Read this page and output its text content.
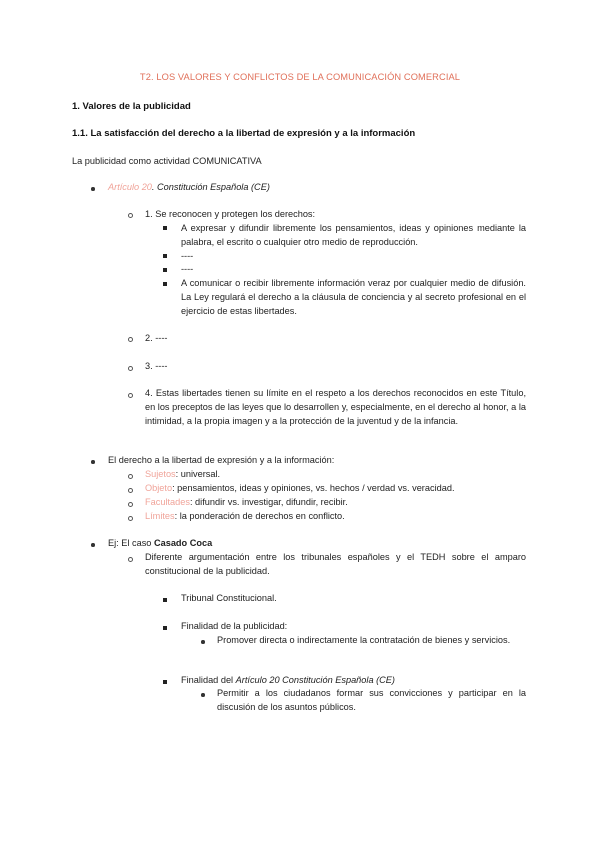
T2. LOS VALORES Y CONFLICTOS DE LA COMUNICACIÓN COMERCIAL
1. Valores de la publicidad
1.1. La satisfacción del derecho a la libertad de expresión y a la información
La publicidad como actividad COMUNICATIVA
Artículo 20. Constitución Española (CE)
1. Se reconocen y protegen los derechos:
A expresar y difundir libremente los pensamientos, ideas y opiniones mediante la palabra, el escrito o cualquier otro medio de reproducción.
----
----
A comunicar o recibir libremente información veraz por cualquier medio de difusión. La Ley regulará el derecho a la cláusula de conciencia y al secreto profesional en el ejercicio de estas libertades.
2. ----
3. ----
4. Estas libertades tienen su límite en el respeto a los derechos reconocidos en este Título, en los preceptos de las leyes que lo desarrollen y, especialmente, en el derecho al honor, a la intimidad, a la propia imagen y a la protección de la juventud y de la infancia.
El derecho a la libertad de expresión y a la información:
Sujetos: universal.
Objeto: pensamientos, ideas y opiniones, vs. hechos / verdad vs. veracidad.
Facultades: difundir vs. investigar, difundir, recibir.
Límites: la ponderación de derechos en conflicto.
Ej: El caso Casado Coca
Diferente argumentación entre los tribunales españoles y el TEDH sobre el amparo constitucional de la publicidad.
Tribunal Constitucional.
Finalidad de la publicidad:
Promover directa o indirectamente la contratación de bienes y servicios.
Finalidad del Artículo 20 Constitución Española (CE)
Permitir a los ciudadanos formar sus convicciones y participar en la discusión de los asuntos públicos.
